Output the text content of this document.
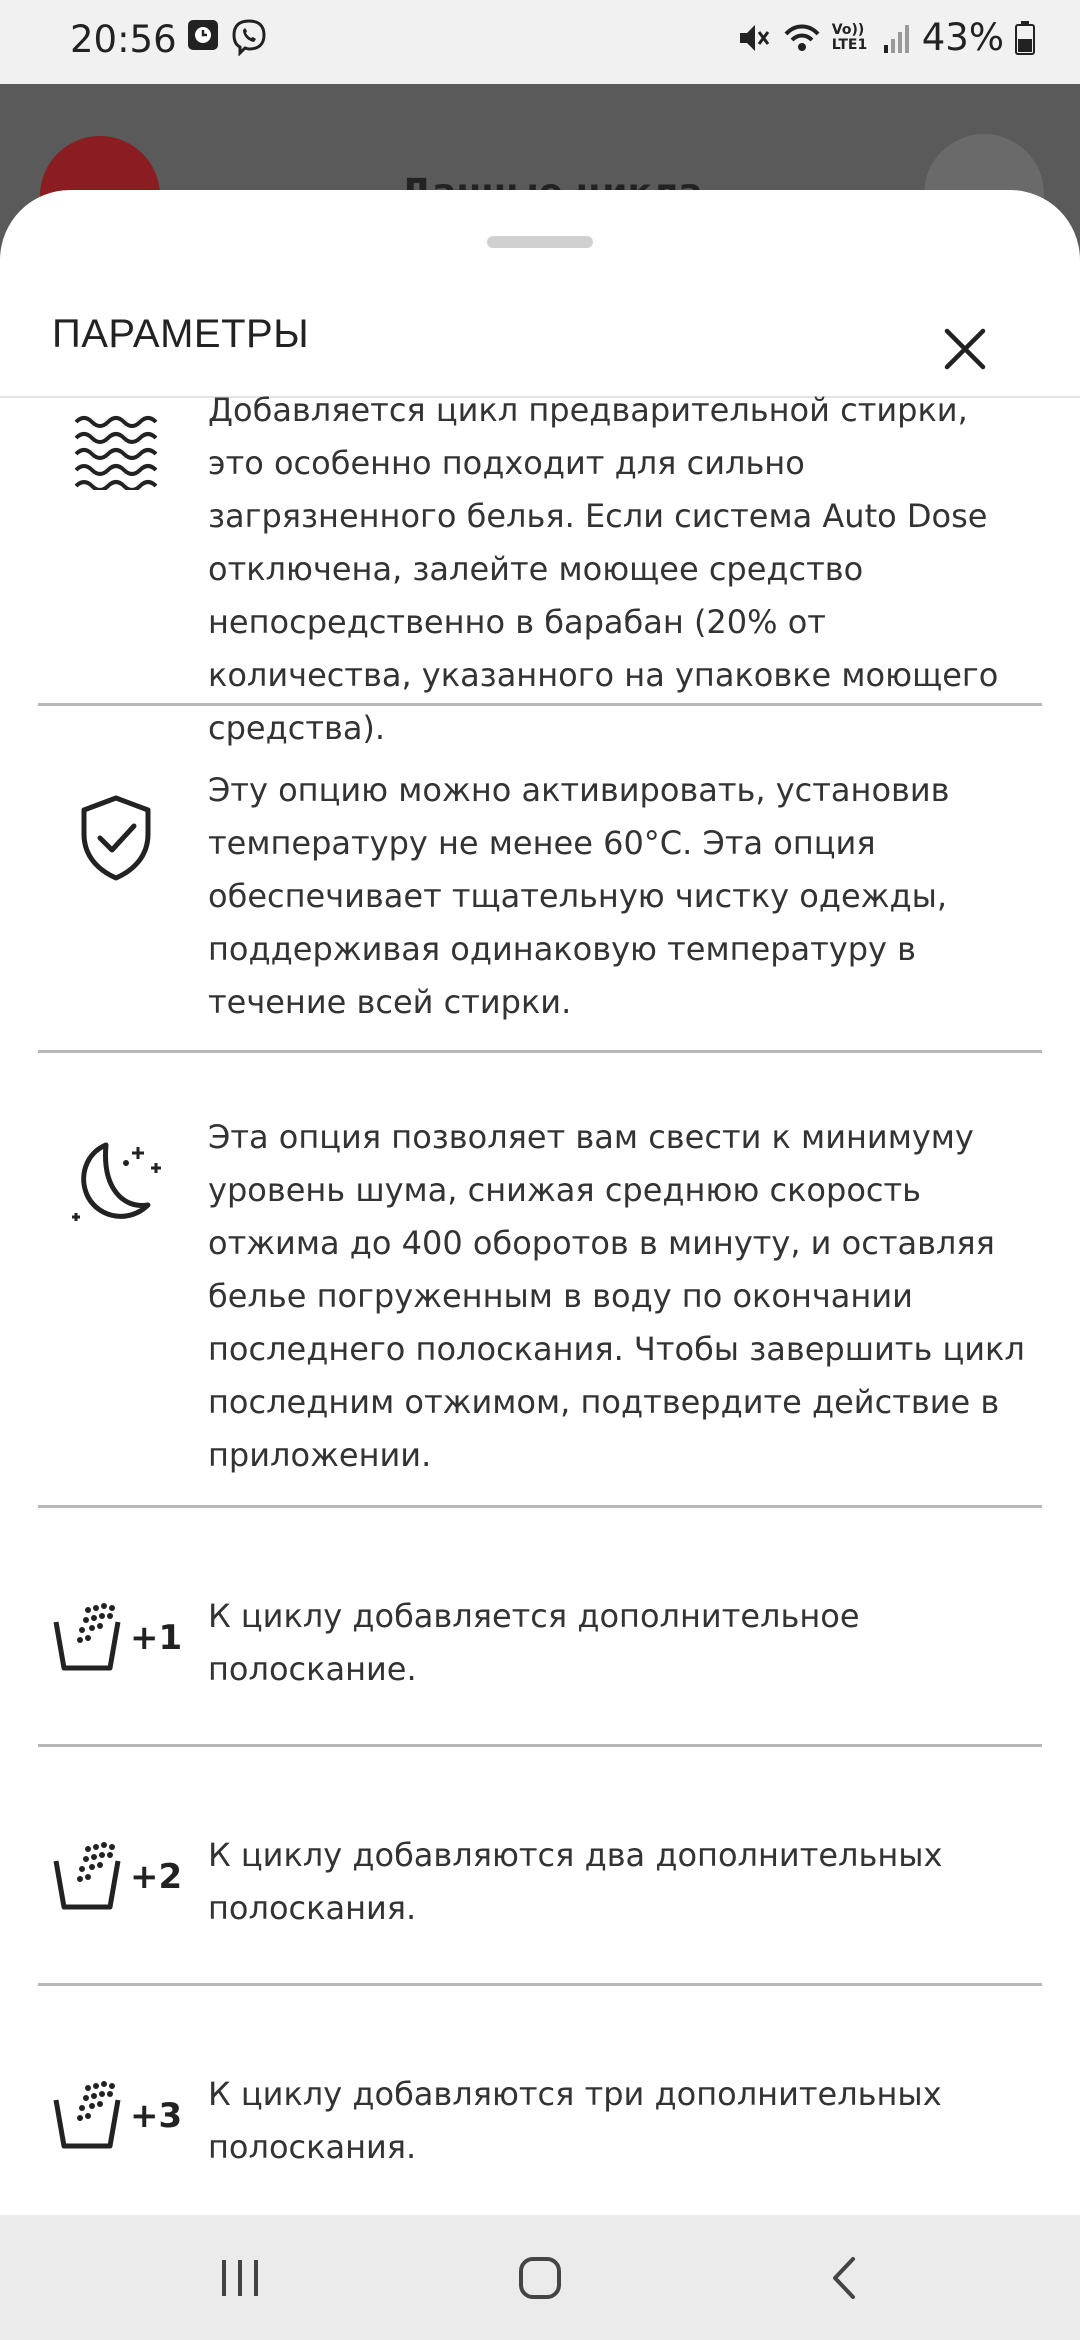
20:56	Vo)) LTE1 43%
ПАРАМЕТРЫ
Добавляется цикл предварительной стирки, это особенно подходит для сильно загрязненного белья. Если система Auto Dose отключена, залейте моющее средство непосредственно в барабан (20% от количества, указанного на упаковке моющего средства).
Эту опцию можно активировать, установив температуру не менее 60°C. Эта опция обеспечивает тщательную чистку одежды, поддерживая одинаковую температуру в течение всей стирки.
Эта опция позволяет вам свести к минимуму уровень шума, снижая среднюю скорость отжима до 400 оборотов в минуту, и оставляя белье погруженным в воду по окончании последнего полоскания. Чтобы завершить цикл последним отжимом, подтвердите действие в приложении.
+1
К циклу добавляется дополнительное полоскание.
+2
К циклу добавляются два дополнительных полоскания.
+3
К циклу добавляются три дополнительных полоскания.
